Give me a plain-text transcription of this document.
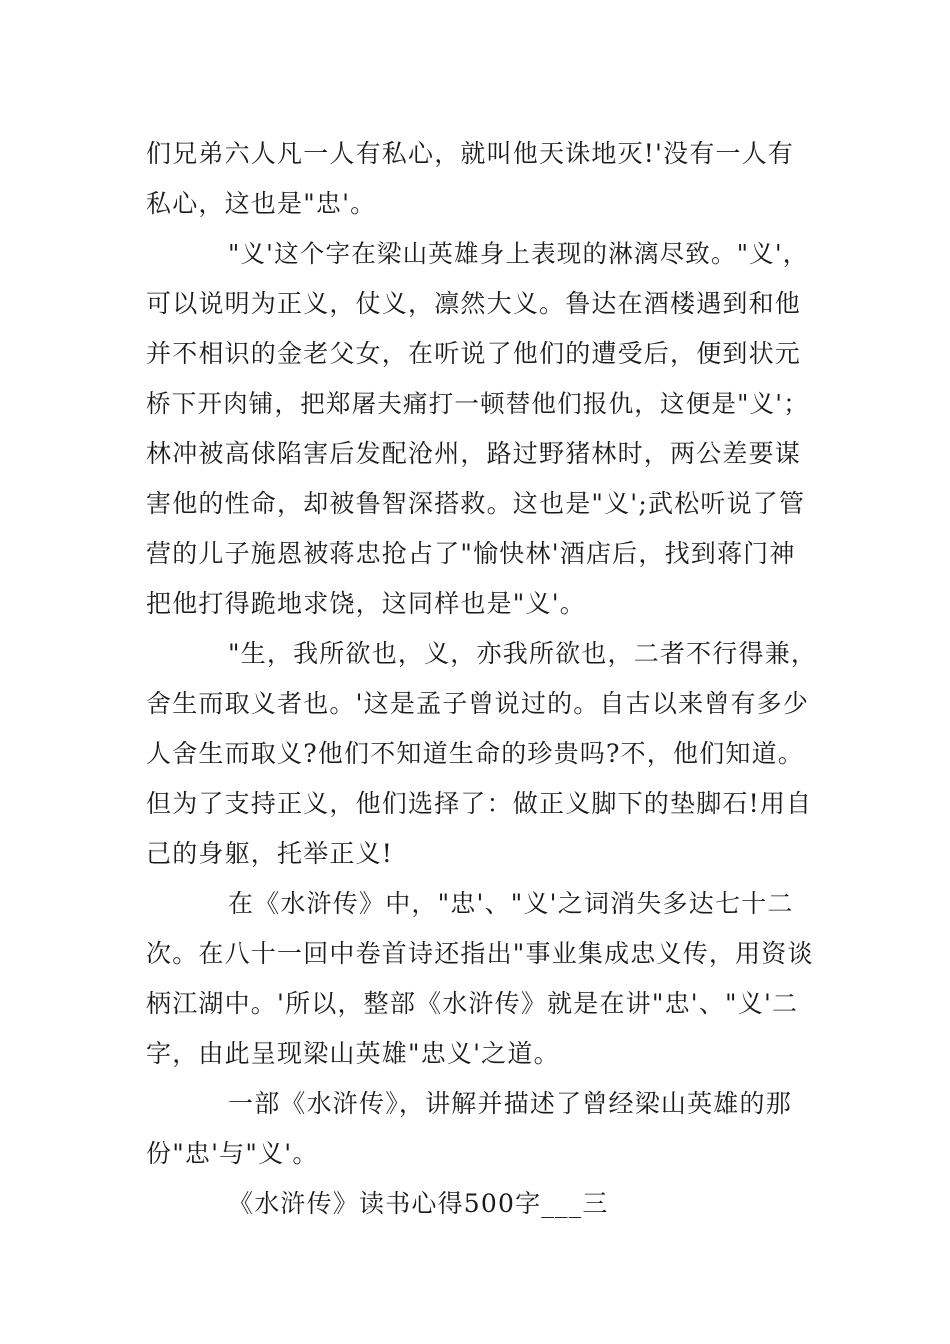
们兄弟六人凡一人有私心，就叫他天诛地灭!'没有一人有
私心，这也是"忠'。
"义'这个字在梁山英雄身上表现的淋漓尽致。"义'，
可以说明为正义，仗义，凛然大义。鲁达在酒楼遇到和他
并不相识的金老父女，在听说了他们的遭受后，便到状元
桥下开肉铺，把郑屠夫痛打一顿替他们报仇，这便是"义'；
林冲被高俅陷害后发配沧州，路过野猪林时，两公差要谋
害他的性命，却被鲁智深搭救。这也是"义';武松听说了管
营的儿子施恩被蒋忠抢占了"愉快林'酒店后，找到蒋门神
把他打得跪地求饶，这同样也是"义'。
"生，我所欲也，义，亦我所欲也，二者不行得兼，
舍生而取义者也。'这是孟子曾说过的。自古以来曾有多少
人舍生而取义?他们不知道生命的珍贵吗?不，他们知道。
但为了支持正义，他们选择了：做正义脚下的垫脚石!用自
己的身躯，托举正义!
在《水浒传》中，"忠'、"义'之词消失多达七十二
次。在八十一回中卷首诗还指出"事业集成忠义传，用资谈
柄江湖中。'所以，整部《水浒传》就是在讲"忠'、"义'二
字，由此呈现梁山英雄"忠义'之道。
一部《水浒传》，讲解并描述了曾经梁山英雄的那
份"忠'与"义'。
《水浒传》读书心得500字___三
